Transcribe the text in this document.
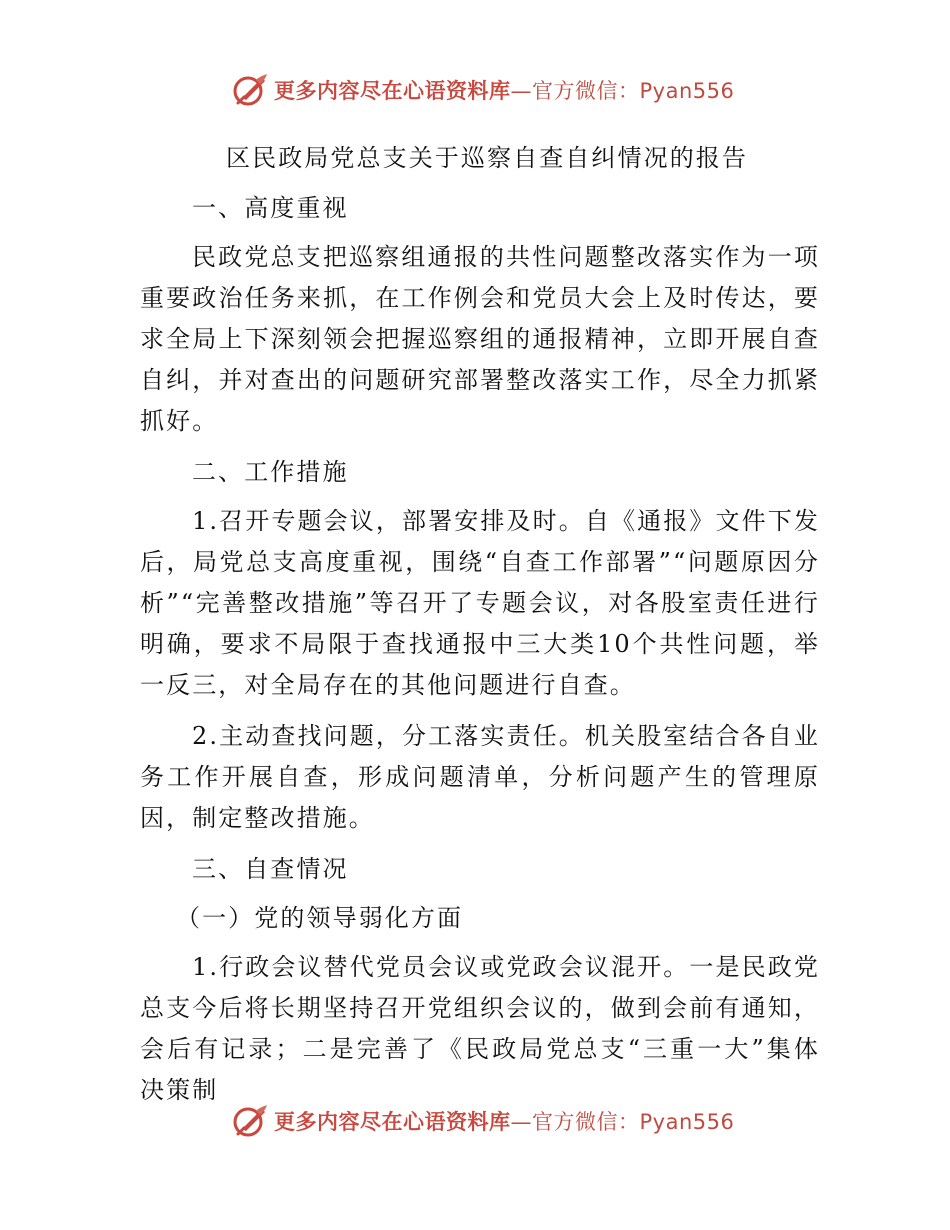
更多内容尽在心语资料库—官方微信：Pyan556

区民政局党总支关于巡察自查自纠情况的报告

一、高度重视

民政党总支把巡察组通报的共性问题整改落实作为一项重要政治任务来抓，在工作例会和党员大会上及时传达，要求全局上下深刻领会把握巡察组的通报精神，立即开展自查自纠，并对查出的问题研究部署整改落实工作，尽全力抓紧抓好。

二、工作措施

1.召开专题会议，部署安排及时。自《通报》文件下发后，局党总支高度重视，围绕“自查工作部署”“问题原因分析”“完善整改措施”等召开了专题会议，对各股室责任进行明确，要求不局限于查找通报中三大类10个共性问题，举一反三，对全局存在的其他问题进行自查。

2.主动查找问题，分工落实责任。机关股室结合各自业务工作开展自查，形成问题清单，分析问题产生的管理原因，制定整改措施。

三、自查情况

（一）党的领导弱化方面

1.行政会议替代党员会议或党政会议混开。一是民政党总支今后将长期坚持召开党组织会议的，做到会前有通知，会后有记录；二是完善了《民政局党总支“三重一大”集体决策制

更多内容尽在心语资料库—官方微信：Pyan556
